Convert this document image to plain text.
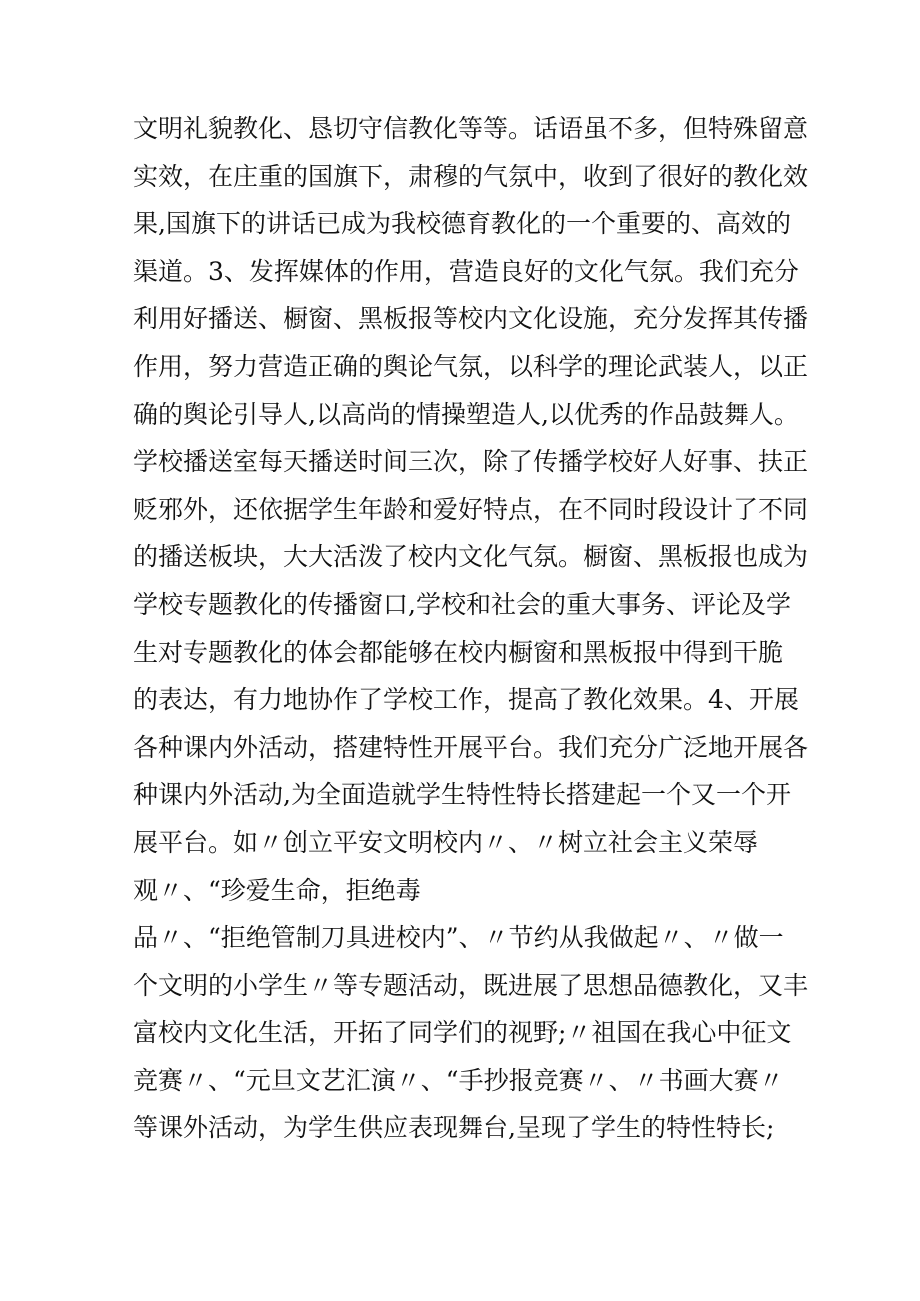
文明礼貌教化、恳切守信教化等等。话语虽不多，但特殊留意
实效，在庄重的国旗下，肃穆的气氛中，收到了很好的教化效
果,国旗下的讲话已成为我校德育教化的一个重要的、高效的
渠道。3、发挥媒体的作用，营造良好的文化气氛。我们充分
利用好播送、橱窗、黑板报等校内文化设施，充分发挥其传播
作用，努力营造正确的舆论气氛，以科学的理论武装人，以正
确的舆论引导人,以高尚的情操塑造人,以优秀的作品鼓舞人。
学校播送室每天播送时间三次，除了传播学校好人好事、扶正
贬邪外，还依据学生年龄和爱好特点，在不同时段设计了不同
的播送板块，大大活泼了校内文化气氛。橱窗、黑板报也成为
学校专题教化的传播窗口,学校和社会的重大事务、评论及学
生对专题教化的体会都能够在校内橱窗和黑板报中得到干脆
的表达，有力地协作了学校工作，提高了教化效果。4、开展
各种课内外活动，搭建特性开展平台。我们充分广泛地开展各
种课内外活动,为全面造就学生特性特长搭建起一个又一个开
展平台。如〃创立平安文明校内〃、〃树立社会主义荣辱
观〃、“珍爱生命，拒绝毒
品〃、“拒绝管制刀具进校内”、〃节约从我做起〃、〃做一
个文明的小学生〃等专题活动，既进展了思想品德教化，又丰
富校内文化生活，开拓了同学们的视野;〃祖国在我心中征文
竞赛〃、“元旦文艺汇演〃、“手抄报竞赛〃、〃书画大赛〃
等课外活动，为学生供应表现舞台,呈现了学生的特性特长;
